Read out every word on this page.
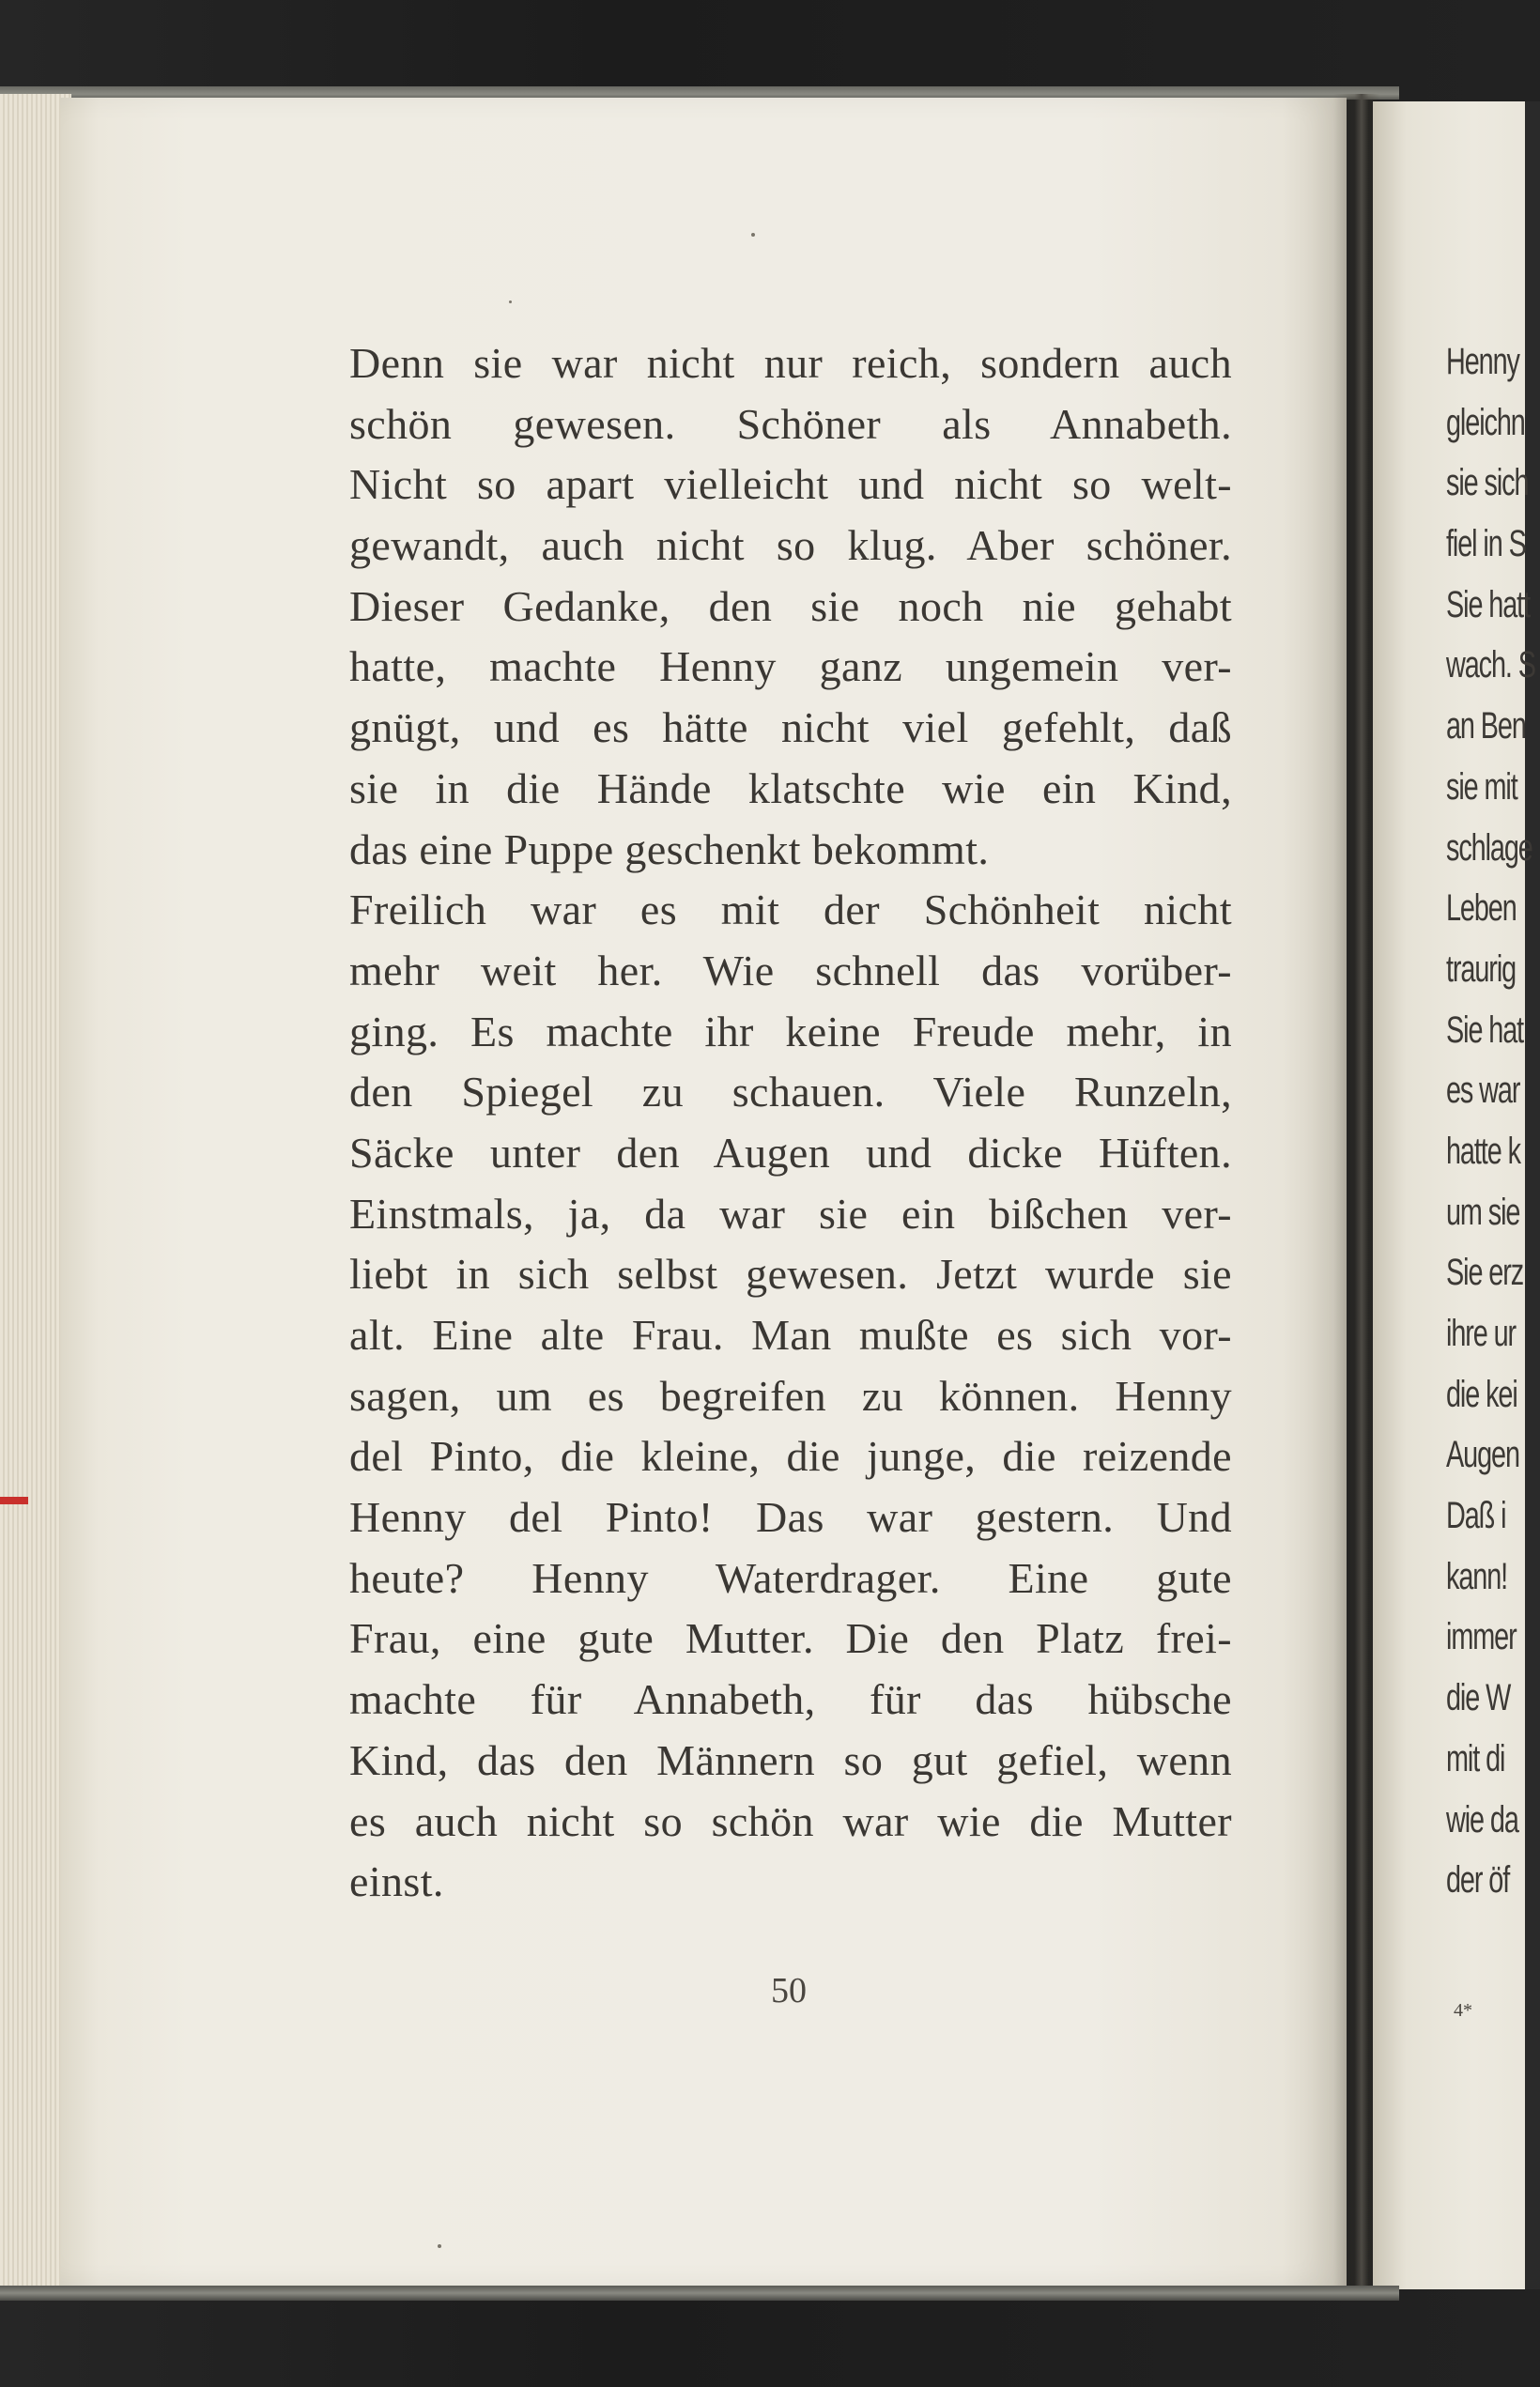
Denn sie war nicht nur reich, sondern auch
schön gewesen. Schöner als Annabeth.
Nicht so apart vielleicht und nicht so welt-
gewandt, auch nicht so klug. Aber schöner.
Dieser Gedanke, den sie noch nie gehabt
hatte, machte Henny ganz ungemein ver-
gnügt, und es hätte nicht viel gefehlt, daß
sie in die Hände klatschte wie ein Kind,
das eine Puppe geschenkt bekommt.
Freilich war es mit der Schönheit nicht
mehr weit her. Wie schnell das vorüber-
ging. Es machte ihr keine Freude mehr, in
den Spiegel zu schauen. Viele Runzeln,
Säcke unter den Augen und dicke Hüften.
Einstmals, ja, da war sie ein bißchen ver-
liebt in sich selbst gewesen. Jetzt wurde sie
alt. Eine alte Frau. Man mußte es sich vor-
sagen, um es begreifen zu können. Henny
del Pinto, die kleine, die junge, die reizende
Henny del Pinto! Das war gestern. Und
heute? Henny Waterdrager. Eine gute
Frau, eine gute Mutter. Die den Platz frei-
machte für Annabeth, für das hübsche
Kind, das den Männern so gut gefiel, wenn
es auch nicht so schön war wie die Mutter
einst.
50
Henny
gleichn
sie sich
fiel in S
Sie hatt
wach. S
an Ben
sie mit
schlage
Leben
traurig
Sie hat
es war
hatte k
um sie
Sie erz
ihre ur
die kei
Augen
Daß i
kann!
immer
die W
mit di
wie da
der öf
4*
